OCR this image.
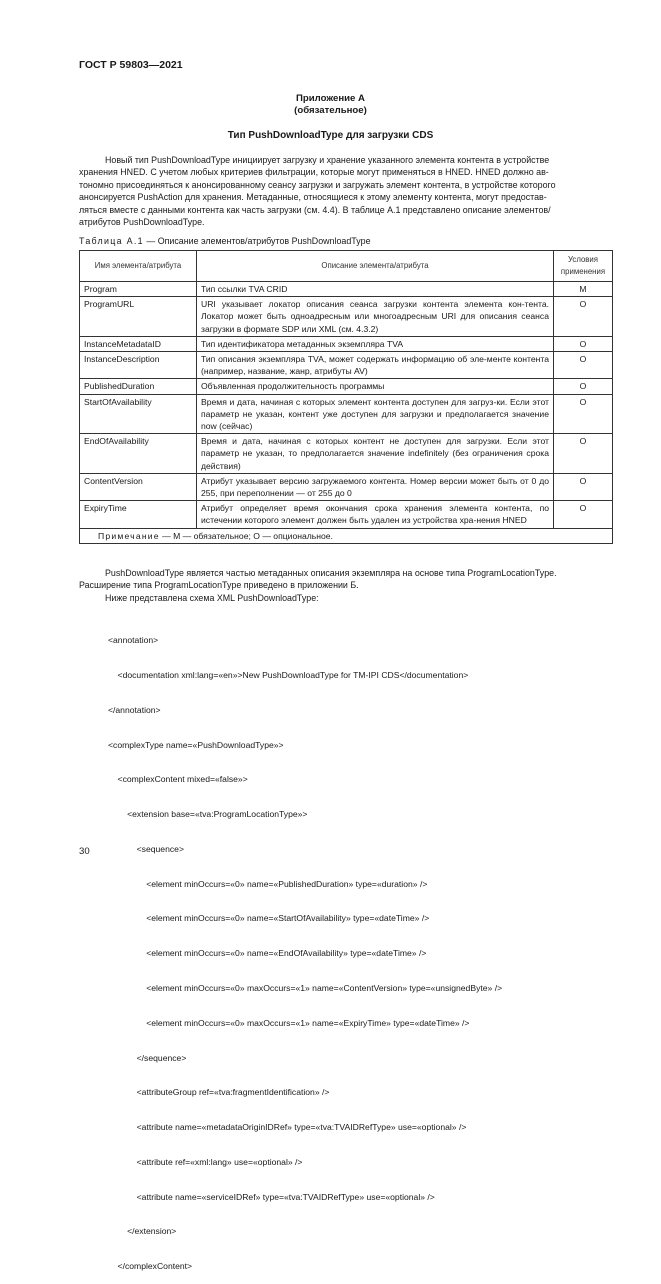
ГОСТ Р 59803—2021
Приложение А
(обязательное)
Тип PushDownloadType для загрузки CDS
Новый тип PushDownloadType инициирует загрузку и хранение указанного элемента контента в устройстве
хранения HNED. С учетом любых критериев фильтрации, которые могут применяться в HNED. HNED должно ав-
тономно присоединяться к анонсированному сеансу загрузки и загружать элемент контента, в устройстве которого
анонсируется PushAction для хранения. Метаданные, относящиеся к этому элементу контента, могут предостав-
ляться вместе с данными контента как часть загрузки (см. 4.4). В таблице А.1 представлено описание элементов/
атрибутов PushDownloadType.
Таблица А.1 — Описание элементов/атрибутов PushDownloadType
Имя элемента/атрибута	Описание элемента/атрибута	Условия применения
Program	Тип ссылки TVA CRID	M
ProgramURL	URI указывает локатор описания сеанса загрузки контента элемента кон-тента. Локатор может быть одноадресным или многоадресным URI для описания сеанса загрузки в формате SDP или XML (см. 4.3.2)	O
InstanceMetadataID	Тип идентификатора метаданных экземпляра TVA	O
InstanceDescription	Тип описания экземпляра TVA, может содержать информацию об эле-менте контента (например, название, жанр, атрибуты AV)	O
PublishedDuration	Объявленная продолжительность программы	O
StartOfAvailability	Время и дата, начиная с которых элемент контента доступен для загруз-ки. Если этот параметр не указан, контент уже доступен для загрузки и предполагается значение now (сейчас)	O
EndOfAvailability	Время и дата, начиная с которых контент не доступен для загрузки. Если этот параметр не указан, то предполагается значение indefinitely (без ограничения срока действия)	O
ContentVersion	Атрибут указывает версию загружаемого контента. Номер версии может быть от 0 до 255, при переполнении — от 255 до 0	O
ExpiryTime	Атрибут определяет время окончания срока хранения элемента контента, по истечении которого элемент должен быть удален из устройства хра-нения HNED	O
Примечание — M — обязательное; O — опциональное.		
PushDownloadType является частью метаданных описания экземпляра на основе типа ProgramLocationType.
Расширение типа ProgramLocationType приведено в приложении Б.
Ниже представлена схема XML PushDownloadType:

<annotation>

<documentation xml:lang=«en»>New PushDownloadType for TM-IPI CDS</documentation>

</annotation>

<complexType name=«PushDownloadType»>

<complexContent mixed=«false»>

<extension base=«tva:ProgramLocationType»>

<sequence>

<element minOccurs=«0» name=«PublishedDuration» type=«duration» />

<element minOccurs=«0» name=«StartOfAvailability» type=«dateTime» />

<element minOccurs=«0» name=«EndOfAvailability» type=«dateTime» />

<element minOccurs=«0» maxOccurs=«1» name=«ContentVersion» type=«unsignedByte» />

<element minOccurs=«0» maxOccurs=«1» name=«ExpiryTime» type=«dateTime» />

</sequence>

<attributeGroup ref=«tva:fragmentIdentification» />

<attribute name=«metadataOriginIDRef» type=«tva:TVAIDRefType» use=«optional» />

<attribute ref=«xml:lang» use=«optional» />

<attribute name=«serviceIDRef» type=«tva:TVAIDRefType» use=«optional» />

</extension>

</complexContent>

30
